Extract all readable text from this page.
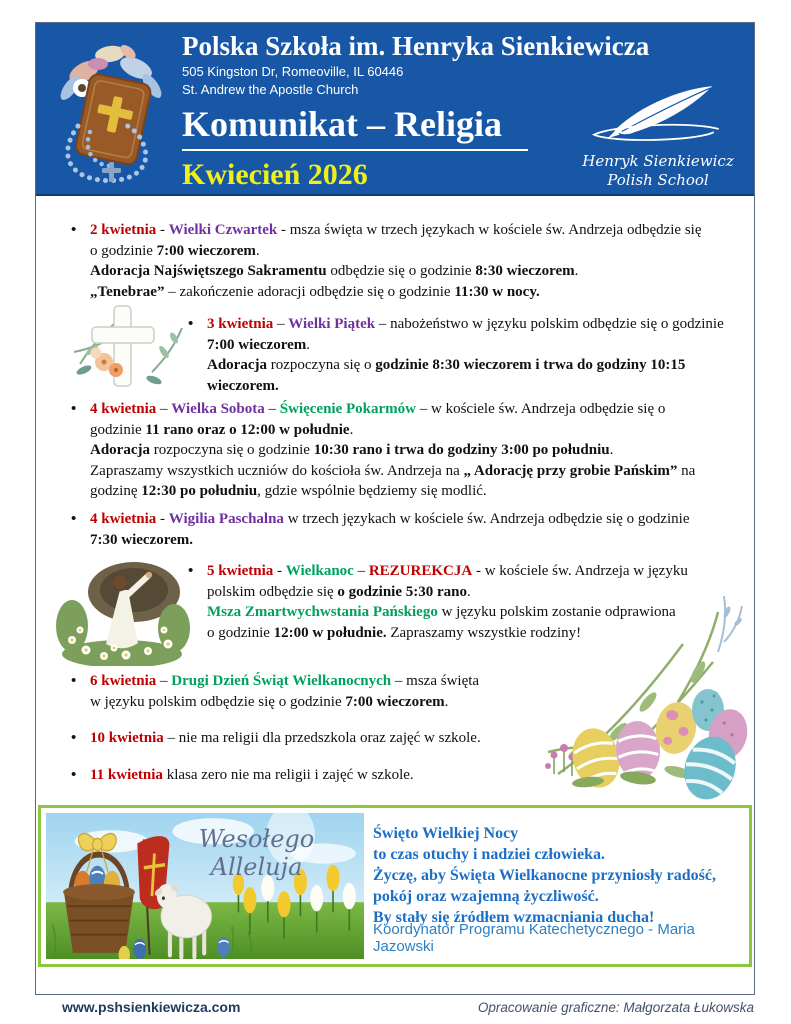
Polska Szkoła im. Henryka Sienkiewicza
505 Kingston Dr, Romeoville, IL 60446
St. Andrew the Apostle Church
Komunikat – Religia
Kwiecień 2026	Henryk Sienkiewicz
Polish School
• 2 kwietnia - Wielki Czwartek - msza święta w trzech językach w kościele św. Andrzeja odbędzie się
o godzinie 7:00 wieczorem.
Adoracja Najświętszego Sakramentu odbędzie się o godzinie 8:30 wieczorem.
„Tenebrae” – zakończenie adoracji odbędzie się o godzinie 11:30 w nocy.
• 3 kwietnia – Wielki Piątek – nabożeństwo w języku polskim odbędzie się o godzinie
7:00 wieczorem.
Adoracja rozpoczyna się o godzinie 8:30 wieczorem i trwa do godziny 10:15
wieczorem.
• 4 kwietnia – Wielka Sobota – Święcenie Pokarmów – w kościele św. Andrzeja odbędzie się o
godzinie 11 rano oraz o 12:00 w południe.
Adoracja rozpoczyna się o godzinie 10:30 rano i trwa do godziny 3:00 po południu.
Zapraszamy wszystkich uczniów do kościoła św. Andrzeja na „ Adorację przy grobie Pańskim” na
godzinę 12:30 po południu, gdzie wspólnie będziemy się modlić.
• 4 kwietnia - Wigilia Paschalna w trzech językach w kościele św. Andrzeja odbędzie się o godzinie
7:30 wieczorem.
• 5 kwietnia - Wielkanoc – REZUREKCJA - w kościele św. Andrzeja w języku
polskim odbędzie się o godzinie 5:30 rano.
Msza Zmartwychwstania Pańskiego w języku polskim zostanie odprawiona
o godzinie 12:00 w południe. Zapraszamy wszystkie rodziny!
• 6 kwietnia – Drugi Dzień Świąt Wielkanocnych – msza święta
w języku polskim odbędzie się o godzinie 7:00 wieczorem.
• 10 kwietnia – nie ma religii dla przedszkola oraz zajęć w szkole.
• 11 kwietnia klasa zero nie ma religii i zajęć w szkole.
Wesołego Alleluja
Święto Wielkiej Nocy
to czas otuchy i nadziei człowieka.
Życzę, aby Święta Wielkanocne przyniosły radość,
pokój oraz wzajemną życzliwość.
By stały się źródłem wzmacniania ducha!
Koordynator Programu Katechetycznego - Maria Jazowski
www.pshsienkiewicza.com	Opracowanie graficzne: Małgorzata Łukowska
